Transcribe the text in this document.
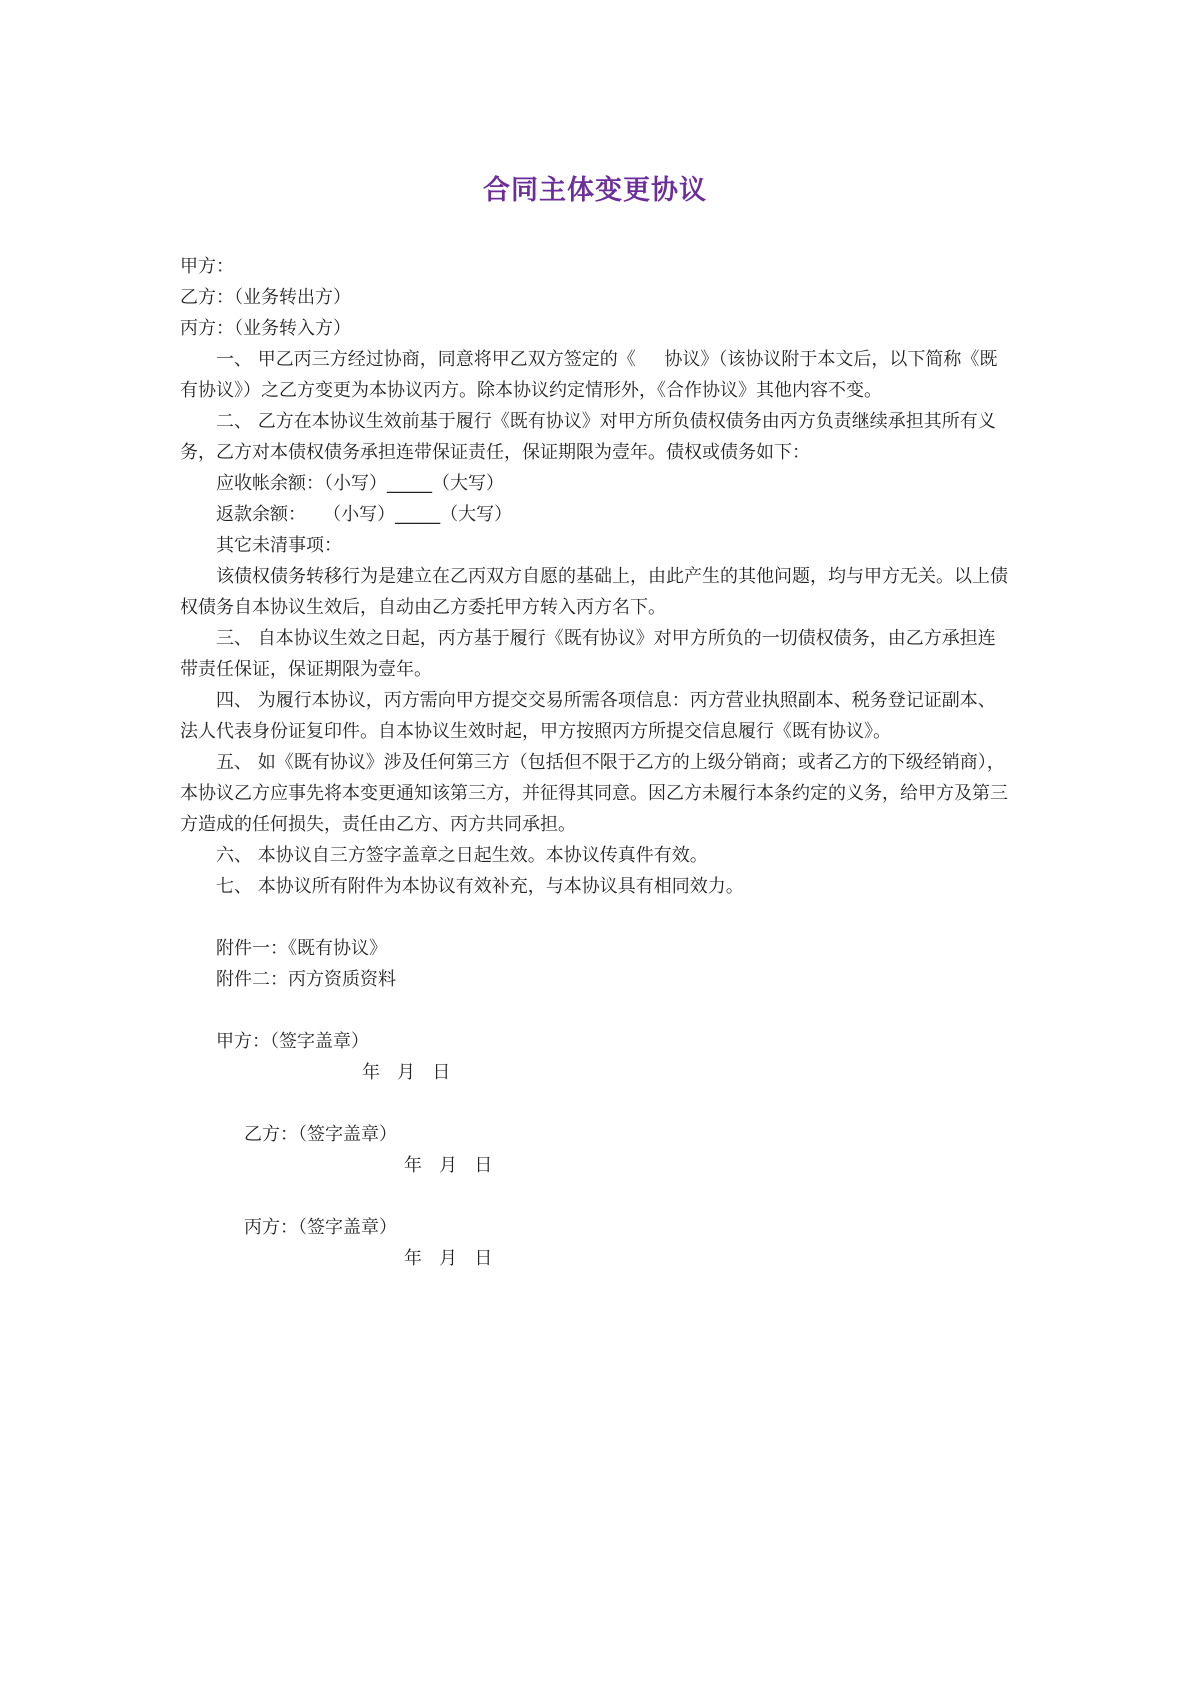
合同主体变更协议
甲方：
乙方：（业务转出方）
丙方：（业务转入方）
一、 甲乙丙三方经过协商，同意将甲乙双方签定的《     协议》（该协议附于本文后，以下简称《既
有协议》）之乙方变更为本协议丙方。除本协议约定情形外，《合作协议》其他内容不变。
二、 乙方在本协议生效前基于履行《既有协议》对甲方所负债权债务由丙方负责继续承担其所有义
务，乙方对本债权债务承担连带保证责任，保证期限为壹年。债权或债务如下：
应收帐余额：（小写）_____（大写）
返款余额：   （小写）_____（大写）
其它未清事项：
该债权债务转移行为是建立在乙丙双方自愿的基础上，由此产生的其他问题，均与甲方无关。以上债
权债务自本协议生效后，自动由乙方委托甲方转入丙方名下。
三、 自本协议生效之日起，丙方基于履行《既有协议》对甲方所负的一切债权债务，由乙方承担连
带责任保证，保证期限为壹年。
四、 为履行本协议，丙方需向甲方提交交易所需各项信息：丙方营业执照副本、税务登记证副本、
法人代表身份证复印件。自本协议生效时起，甲方按照丙方所提交信息履行《既有协议》。
五、 如《既有协议》涉及任何第三方（包括但不限于乙方的上级分销商；或者乙方的下级经销商），
本协议乙方应事先将本变更通知该第三方，并征得其同意。因乙方未履行本条约定的义务，给甲方及第三
方造成的任何损失，责任由乙方、丙方共同承担。
六、 本协议自三方签字盖章之日起生效。本协议传真件有效。
七、 本协议所有附件为本协议有效补充，与本协议具有相同效力。
附件一：《既有协议》
附件二：丙方资质资料
甲方：（签字盖章）
年   月   日
乙方：（签字盖章）
年   月   日
丙方：（签字盖章）
年   月   日
